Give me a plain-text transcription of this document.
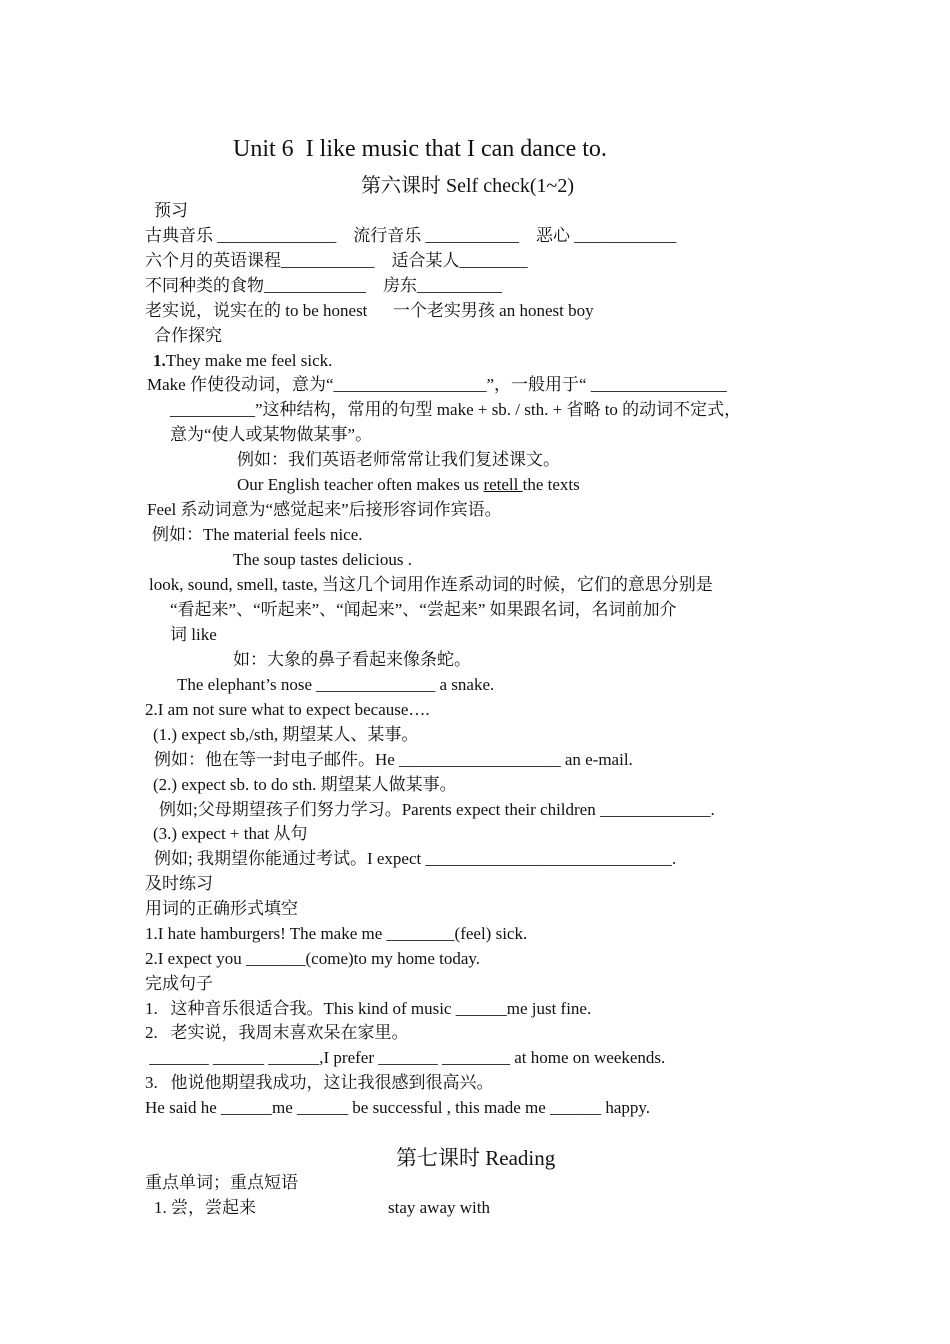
Unit 6  I like music that I can dance to.
第六课时 Self check(1~2)
预习
古典音乐 ______________    流行音乐 ___________    恶心 ____________
六个月的英语课程___________    适合某人________
不同种类的食物____________    房东__________
老实说，说实在的 to be honest      一个老实男孩 an honest boy
合作探究
1.They make me feel sick.
Make 作使役动词，意为“__________________”，一般用于“ ________________
__________”这种结构，常用的句型 make + sb. / sth. + 省略 to 的动词不定式，
意为“使人或某物做某事”。
例如：我们英语老师常常让我们复述课文。
Our English teacher often makes us retell the texts
Feel 系动词意为“感觉起来”后接形容词作宾语。
例如：The material feels nice.
The soup tastes delicious .
look, sound, smell, taste, 当这几个词用作连系动词的时候，它们的意思分别是
“看起来”、“听起来”、“闻起来”、“尝起来” 如果跟名词，名词前加介
词 like
如：大象的鼻子看起来像条蛇。
The elephant’s nose ______________ a snake.
2.I am not sure what to expect because….
(1.) expect sb,/sth, 期望某人、某事。
例如：他在等一封电子邮件。He ___________________ an e-mail.
(2.) expect sb. to do sth. 期望某人做某事。
例如;父母期望孩子们努力学习。Parents expect their children _____________.
(3.) expect + that 从句
例如; 我期望你能通过考试。I expect _____________________________.
及时练习
用词的正确形式填空
1.I hate hamburgers! The make me ________(feel) sick.
2.I expect you _______(come)to my home today.
完成句子
1.   这种音乐很适合我。This kind of music ______me just fine.
2.   老实说，我周末喜欢呆在家里。
_______ ______ ______,I prefer _______ ________ at home on weekends.
3.   他说他期望我成功，这让我很感到很高兴。
He said he ______me ______ be successful , this made me ______ happy.
第七课时 Reading
重点单词；重点短语
1. 尝，尝起来	stay away with
